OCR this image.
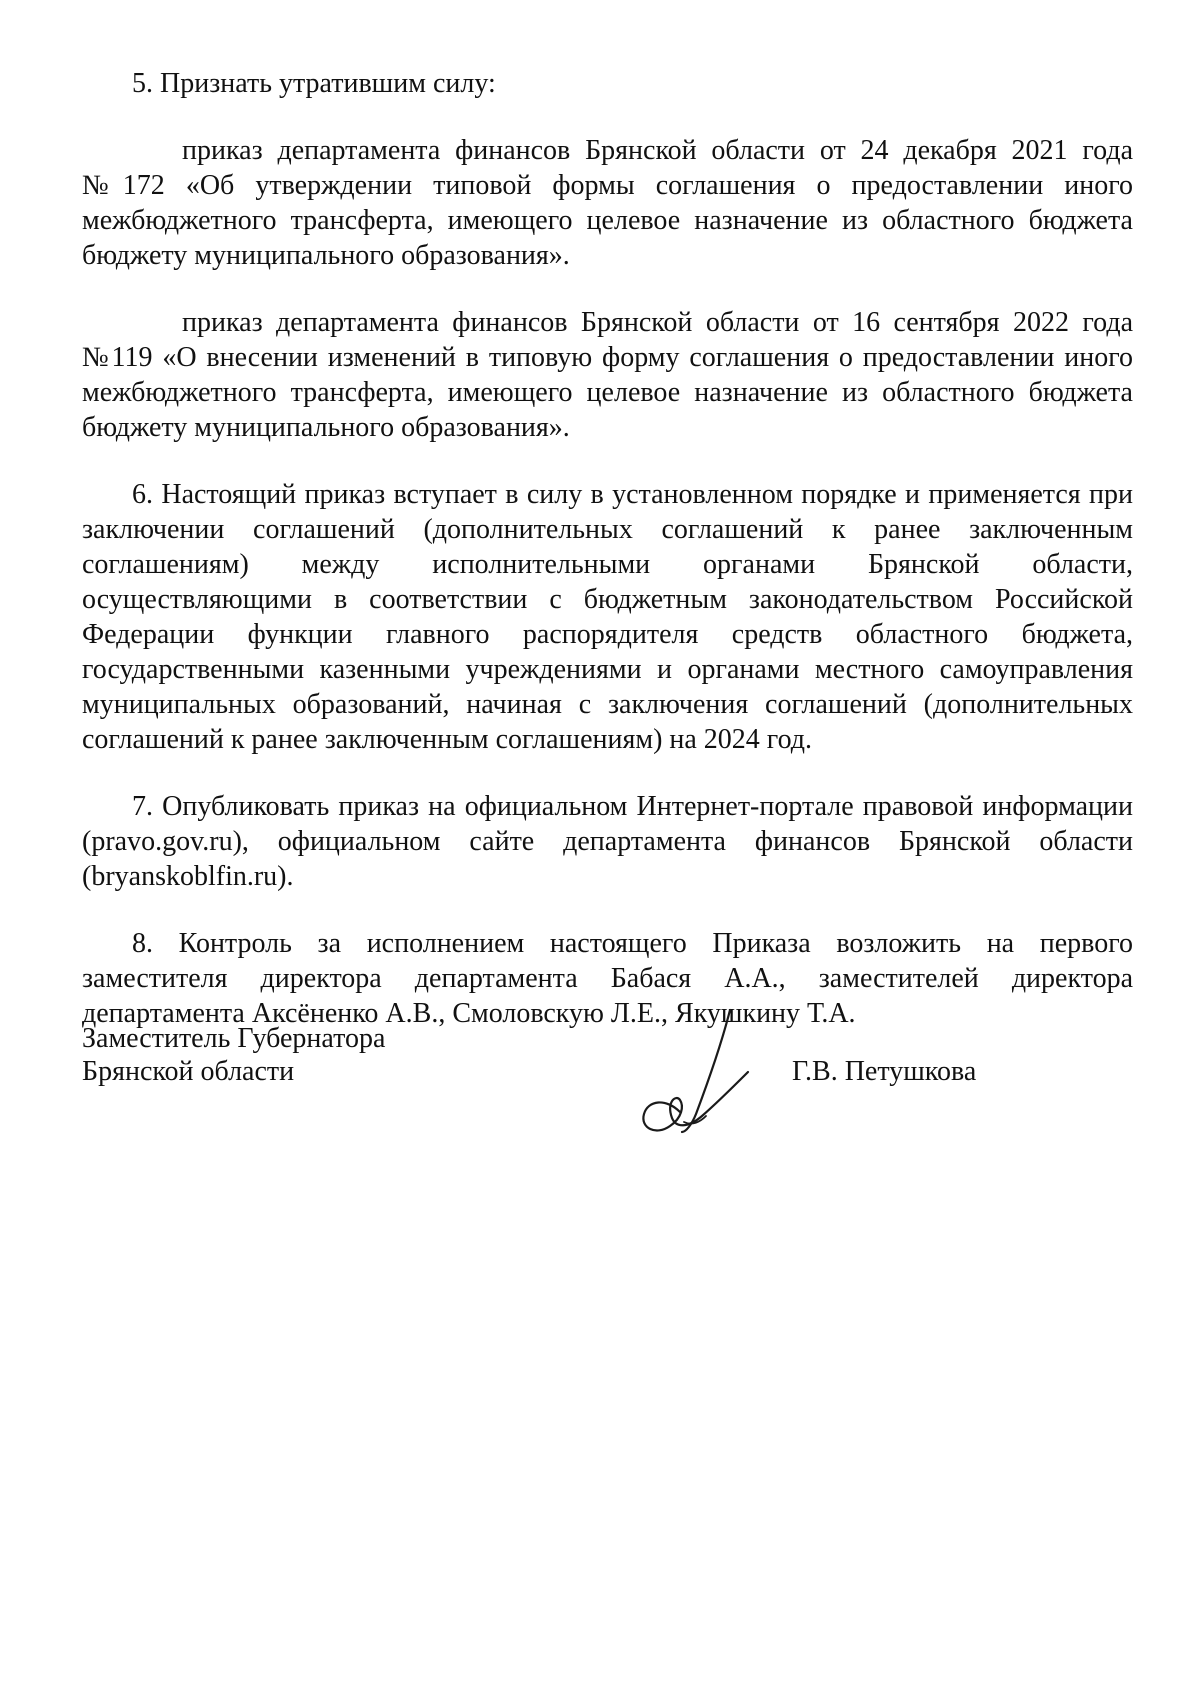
5. Признать утратившим силу:

приказ департамента финансов Брянской области от 24 декабря 2021 года №172 «Об утверждении типовой формы соглашения о предоставлении иного межбюджетного трансферта, имеющего целевое назначение из областного бюджета бюджету муниципального образования».

приказ департамента финансов Брянской области от 16 сентября 2022 года №119 «О внесении изменений в типовую форму соглашения о предоставлении иного межбюджетного трансферта, имеющего целевое назначение из областного бюджета бюджету муниципального образования».

6. Настоящий приказ вступает в силу в установленном порядке и применяется при заключении соглашений (дополнительных соглашений к ранее заключенным соглашениям) между исполнительными органами Брянской области, осуществляющими в соответствии с бюджетным законодательством Российской Федерации функции главного распорядителя средств областного бюджета, государственными казенными учреждениями и органами местного самоуправления муниципальных образований, начиная с заключения соглашений (дополнительных соглашений к ранее заключенным соглашениям) на 2024 год.

7. Опубликовать приказ на официальном Интернет-портале правовой информации (pravo.gov.ru), официальном сайте департамента финансов Брянской области (bryanskoblfin.ru).

8. Контроль за исполнением настоящего Приказа возложить на первого заместителя директора департамента Бабася А.А., заместителей директора департамента Аксёненко А.В., Смоловскую Л.Е., Якушкину Т.А.

Заместитель Губернатора
Брянской области	Г.В. Петушкова
